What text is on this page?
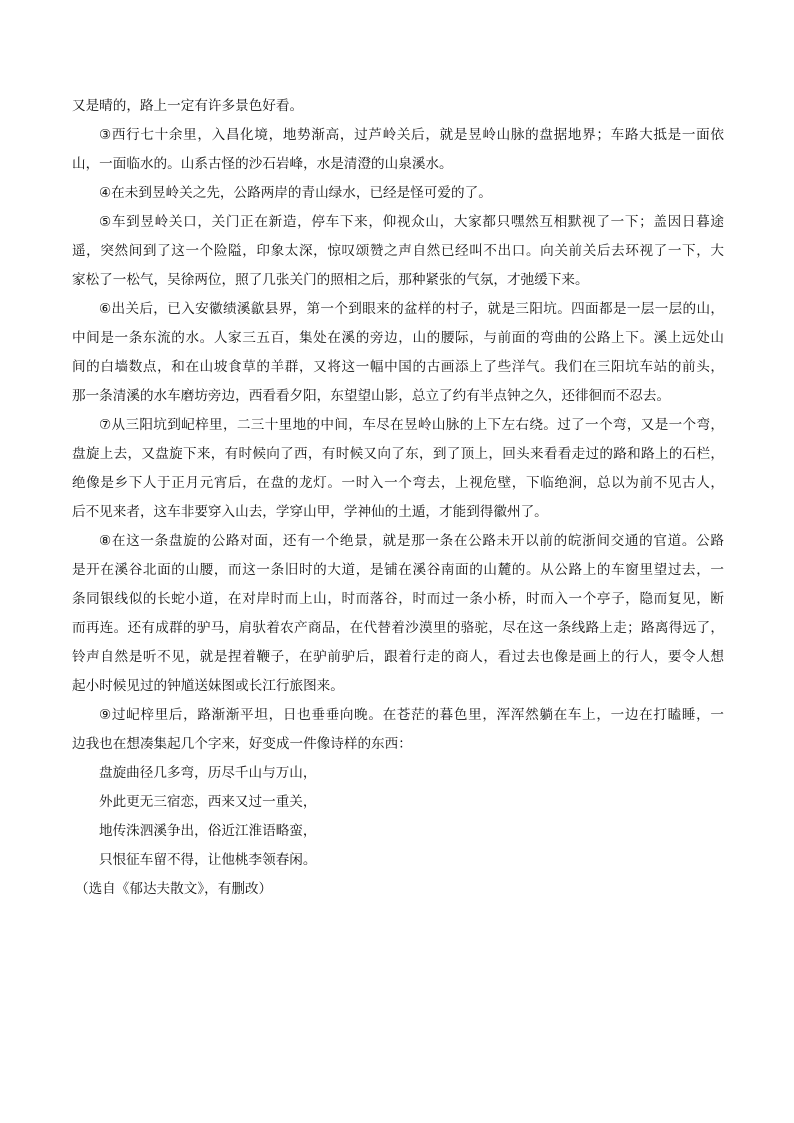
又是晴的，路上一定有许多景色好看。
③西行七十余里，入昌化境，地势渐高，过芦岭关后，就是昱岭山脉的盘据地界；车路大抵是一面依
山，一面临水的。山系古怪的沙石岩峰，水是清澄的山泉溪水。
④在未到昱岭关之先，公路两岸的青山绿水，已经是怪可爱的了。
⑤车到昱岭关口，关门正在新造，停车下来，仰视众山，大家都只嘿然互相默视了一下；盖因日暮途
遥，突然间到了这一个险隘，印象太深，惊叹颂赞之声自然已经叫不出口。向关前关后去环视了一下，大
家松了一松气，吴徐两位，照了几张关门的照相之后，那种紧张的气氛，才弛缓下来。
⑥出关后，已入安徽绩溪歙县界，第一个到眼来的盆样的村子，就是三阳坑。四面都是一层一层的山，
中间是一条东流的水。人家三五百，集处在溪的旁边，山的腰际，与前面的弯曲的公路上下。溪上远处山
间的白墙数点，和在山坡食草的羊群，又将这一幅中国的古画添上了些洋气。我们在三阳坑车站的前头，
那一条清溪的水车磨坊旁边，西看看夕阳，东望望山影，总立了约有半点钟之久，还徘徊而不忍去。
⑦从三阳坑到屺梓里，二三十里地的中间，车尽在昱岭山脉的上下左右绕。过了一个弯，又是一个弯，
盘旋上去，又盘旋下来，有时候向了西，有时候又向了东，到了顶上，回头来看看走过的路和路上的石栏，
绝像是乡下人于正月元宵后，在盘的龙灯。一时入一个弯去，上视危壁，下临绝涧，总以为前不见古人，
后不见来者，这车非要穿入山去，学穿山甲，学神仙的土遁，才能到得徽州了。
⑧在这一条盘旋的公路对面，还有一个绝景，就是那一条在公路未开以前的皖浙间交通的官道。公路
是开在溪谷北面的山腰，而这一条旧时的大道，是铺在溪谷南面的山麓的。从公路上的车窗里望过去，一
条同银线似的长蛇小道，在对岸时而上山，时而落谷，时而过一条小桥，时而入一个亭子，隐而复见，断
而再连。还有成群的驴马，肩驮着农产商品，在代替着沙漠里的骆驼，尽在这一条线路上走；路离得远了，
铃声自然是听不见，就是捏着鞭子，在驴前驴后，跟着行走的商人，看过去也像是画上的行人，要令人想
起小时候见过的钟馗送妹图或长江行旅图来。
⑨过屺梓里后，路渐渐平坦，日也垂垂向晚。在苍茫的暮色里，浑浑然躺在车上，一边在打瞌睡，一
边我也在想凑集起几个字来，好变成一件像诗样的东西：
盘旋曲径几多弯，历尽千山与万山，
外此更无三宿恋，西来又过一重关，
地传洙泗溪争出，俗近江淮语略蛮，
只恨征车留不得，让他桃李领春闲。
（选自《郁达夫散文》，有删改）
